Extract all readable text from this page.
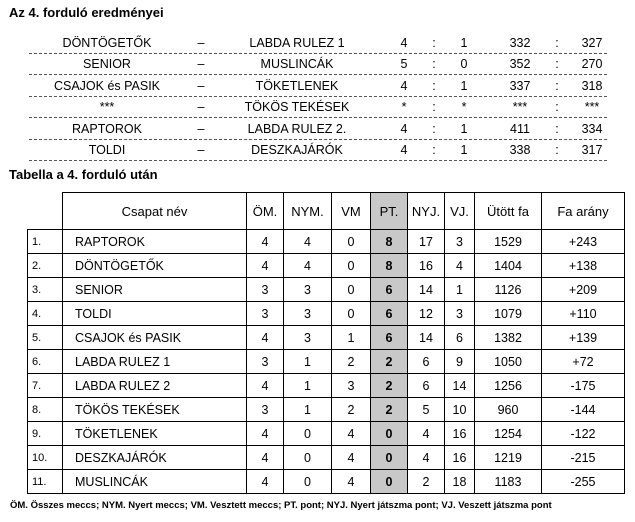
Az 4. forduló eredményei
DÖNTÖGETŐK	–	LABDA RULEZ 1	4	:	1	332	:	327
SENIOR	–	MUSLINCÁK	5	:	0	352	:	270
CSAJOK és PASIK	–	TÖKETLENEK	4	:	1	337	:	318
***	–	TÖKÖS TEKÉSEK	*	:	*	***	:	***
RAPTOROK	–	LABDA RULEZ 2.	4	:	1	411	:	334
TOLDI	–	DESZKAJÁRÓK	4	:	1	338	:	317
Tabella a 4. forduló után
	Csapat név	ÖM.	NYM.	VM	PT.	NYJ.	VJ.	Ütött fa	Fa arány
1.	RAPTOROK	4	4	0	8	17	3	1529	+243
2.	DÖNTÖGETŐK	4	4	0	8	16	4	1404	+138
3.	SENIOR	3	3	0	6	14	1	1126	+209
4.	TOLDI	3	3	0	6	12	3	1079	+110
5.	CSAJOK és PASIK	4	3	1	6	14	6	1382	+139
6.	LABDA RULEZ 1	3	1	2	2	6	9	1050	+72
7.	LABDA RULEZ 2	4	1	3	2	6	14	1256	-175
8.	TÖKÖS TEKÉSEK	3	1	2	2	5	10	960	-144
9.	TÖKETLENEK	4	0	4	0	4	16	1254	-122
10.	DESZKAJÁRÓK	4	0	4	0	4	16	1219	-215
11.	MUSLINCÁK	4	0	4	0	2	18	1183	-255
ÖM. Összes meccs; NYM. Nyert meccs; VM. Vesztett meccs; PT. pont; NYJ. Nyert játszma pont; VJ. Veszett játszma pont
